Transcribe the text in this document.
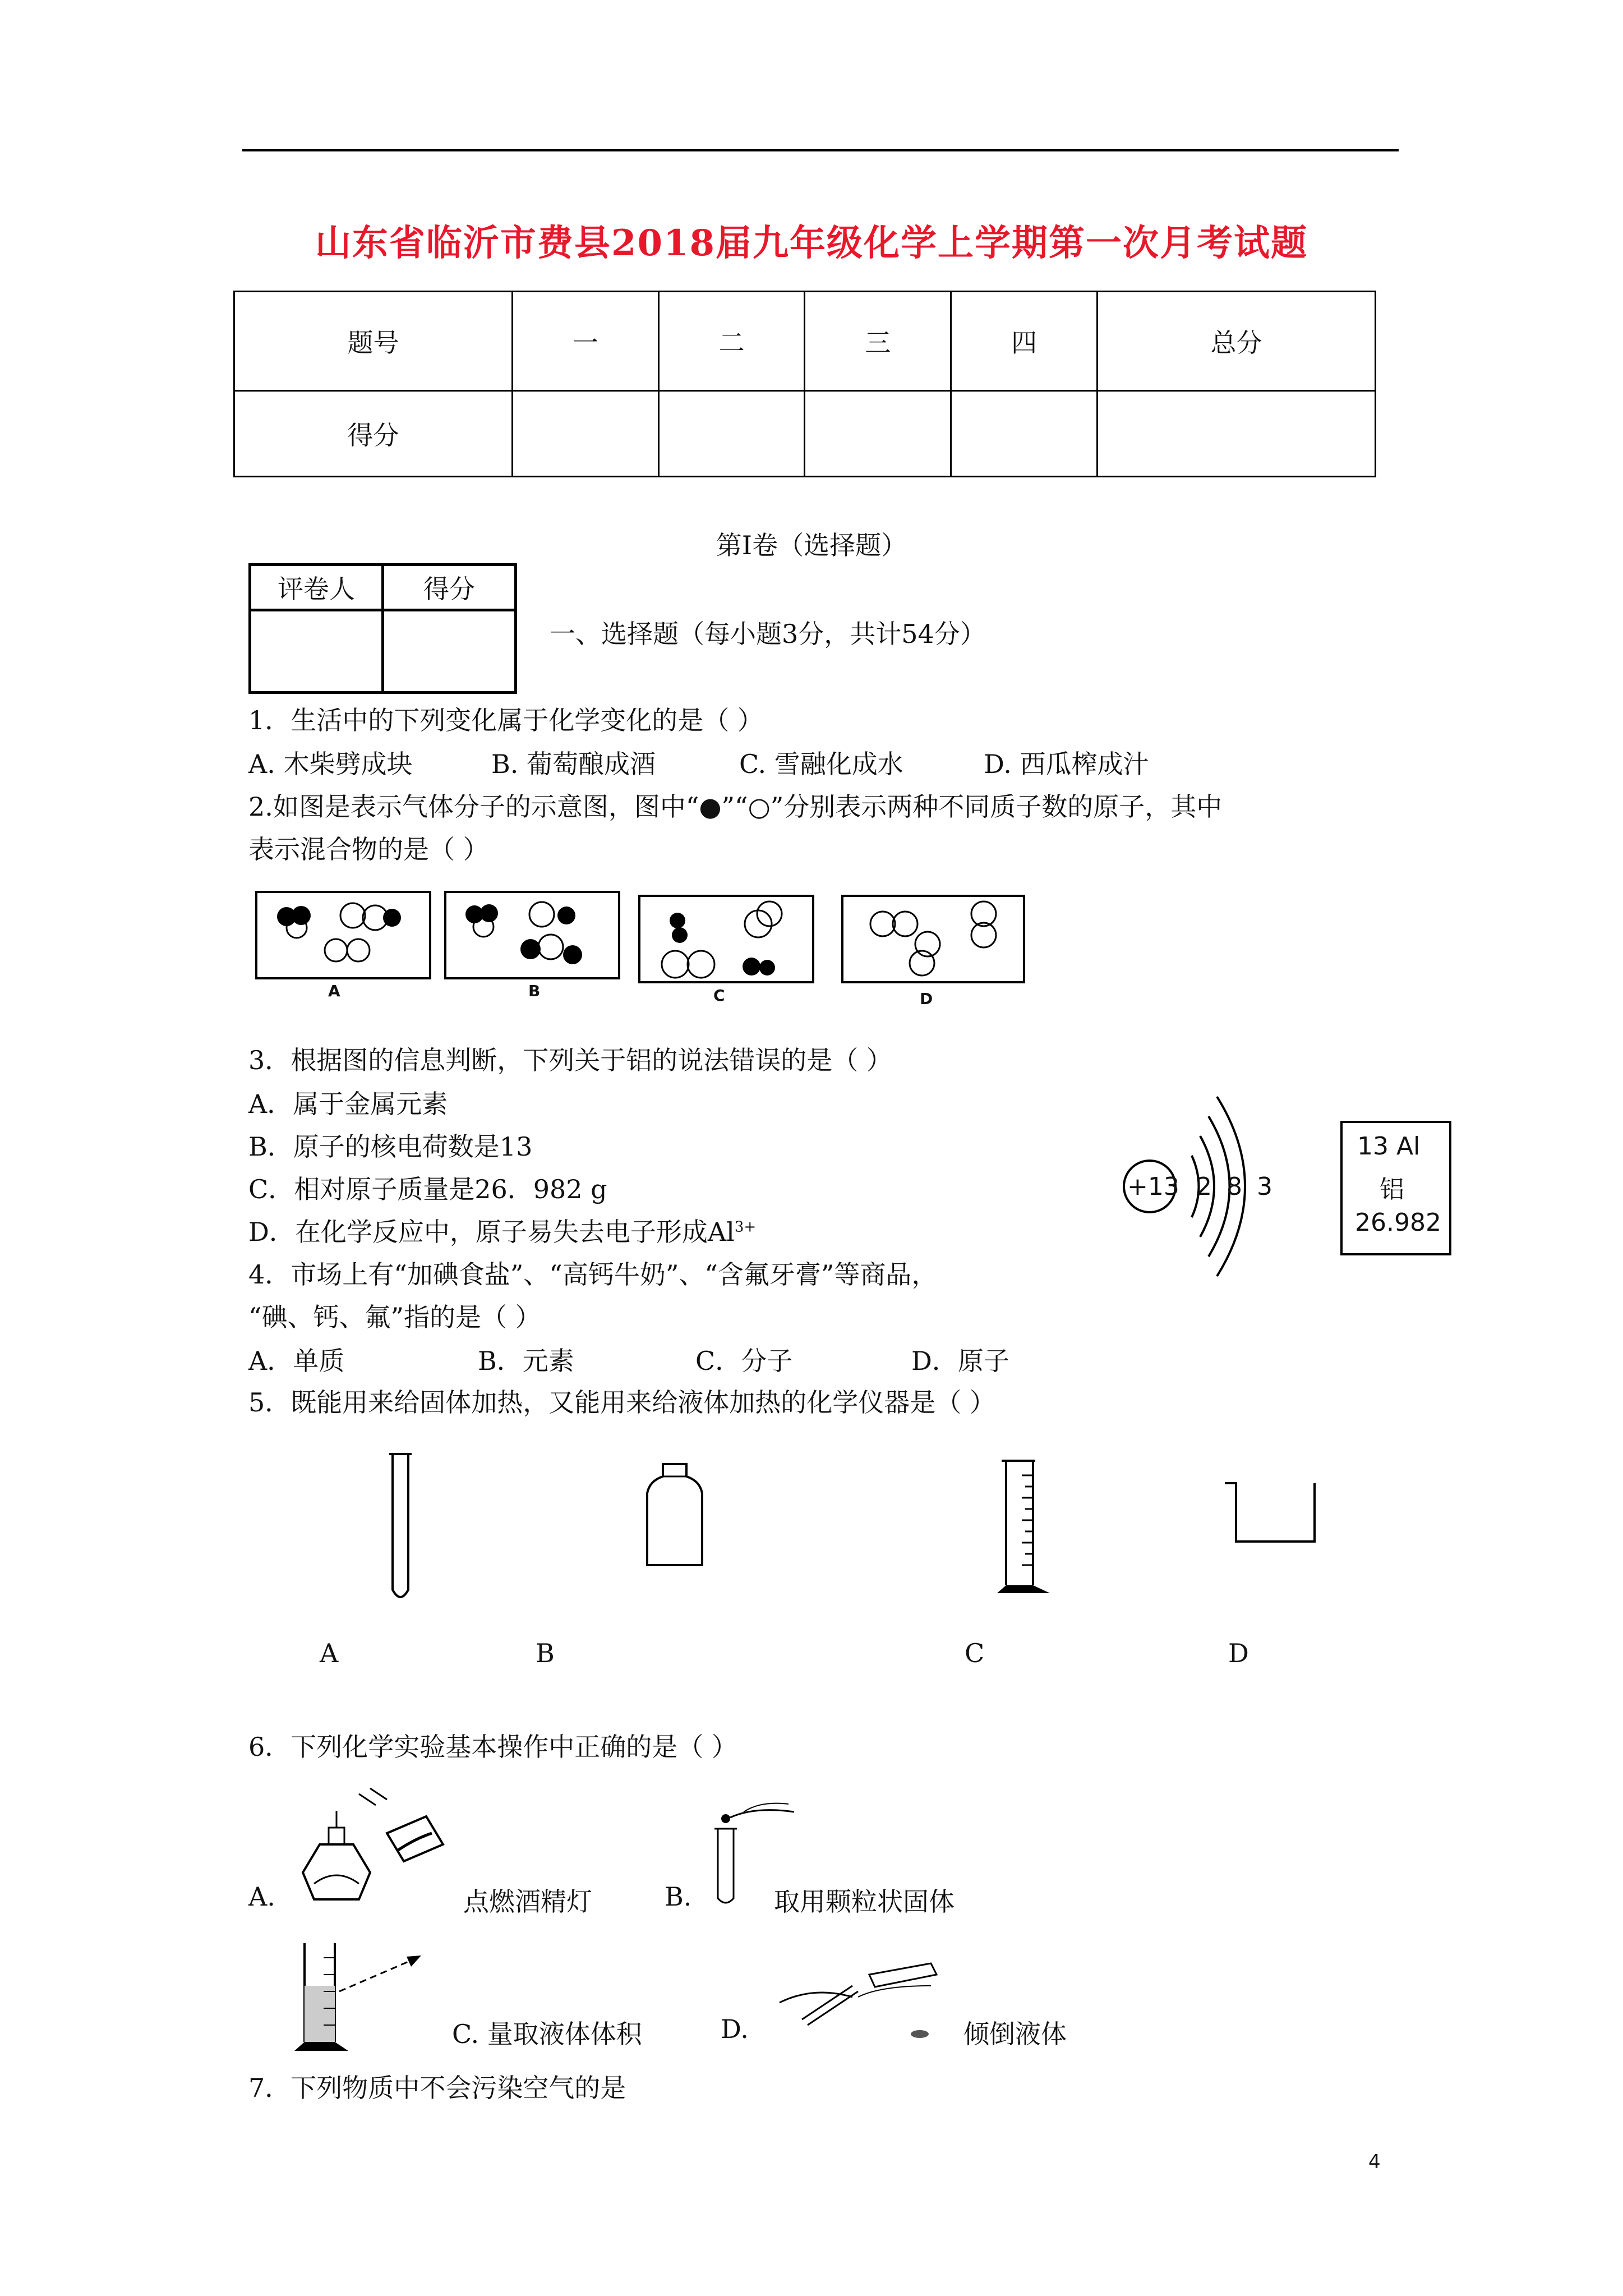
山东省临沂市费县2018届九年级化学上学期第一次月考试题
题号	一	二	三	四	总分
得分					
第Ⅰ卷（选择题）
评卷人	得分

一、选择题（每小题3分，共计54分）
1．生活中的下列变化属于化学变化的是（ ）
A. 木柴劈成块	B. 葡萄酿成酒	C. 雪融化成水	D. 西瓜榨成汁
2.如图是表示气体分子的示意图，图中“●”“○”分别表示两种不同质子数的原子，其中
表示混合物的是（ ）
A	B	C	D
3．根据图的信息判断，下列关于铝的说法错误的是（ ）
A．属于金属元素
B．原子的核电荷数是13
C．相对原子质量是26．982 g
D．在化学反应中，原子易失去电子形成$Al^{3+}$
+13 2 8 3
13 Al
铝
26.982
4．市场上有“加碘食盐”、“高钙牛奶”、“含氟牙膏”等商品，
“碘、钙、氟”指的是（ ）
A．单质	B．元素	C．分子	D．原子
5．既能用来给固体加热，又能用来给液体加热的化学仪器是（ ）
A	B	C	D
6．下列化学实验基本操作中正确的是（ ）
A.	点燃酒精灯	B.	取用颗粒状固体
C. 量取液体体积	D.	倾倒液体
7．下列物质中不会污染空气的是
4
